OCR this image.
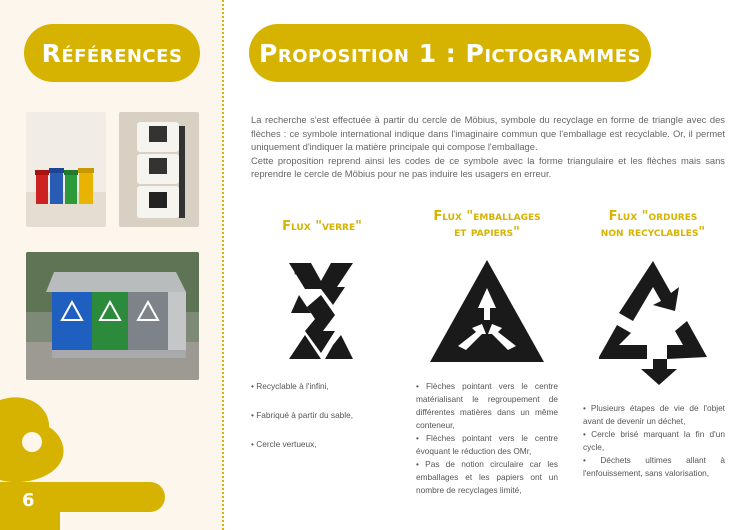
6
Références	Proposition 1 : Pictogrammes

La recherche s'est effectuée à partir du cercle de Möbius, symbole du recyclage en forme de triangle avec des flèches : ce symbole international indique dans l'imaginaire commun que l'emballage est recyclable. Or, il permet uniquement d'indiquer la matière principale qui compose l'emballage.

Cette proposition reprend ainsi les codes de ce symbole avec la forme triangulaire et les flèches mais sans reprendre le cercle de Möbius pour ne pas induire les usagers en erreur.

Flux "verre"
Flux "emballages
et papiers"
Flux "ordures
non recyclables"
• Recyclable à l'infini,
• Fabriqué à partir du sable,
• Cercle vertueux,
• Flèches pointant vers le centre matérialisant le regroupement de différentes matières dans un même conteneur,
• Flèches pointant vers le centre évoquant le réduction des OMr,
• Pas de notion circulaire car les emballages et les papiers ont un nombre de recyclages limité,
• Plusieurs étapes de vie de l'objet avant de devenir un déchet,
• Cercle brisé marquant la fin d'un cycle,
• Déchets ultimes allant à l'enfouissement, sans valorisation,
